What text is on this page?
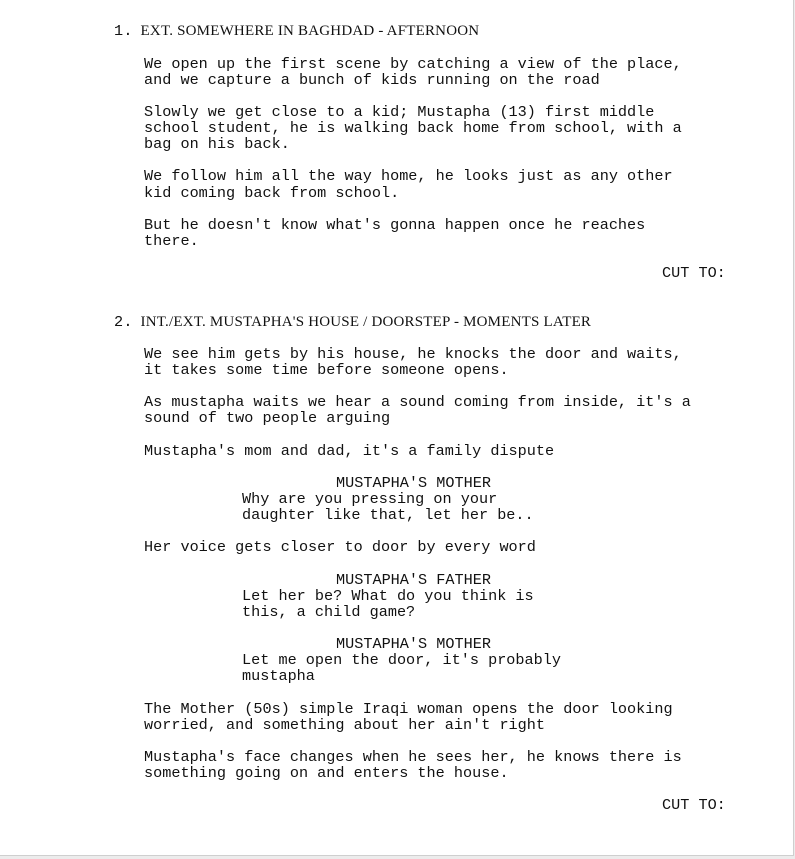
1. EXT. SOMEWHERE IN BAGHDAD - AFTERNOON
We open up the first scene by catching a view of the place,
and we capture a bunch of kids running on the road
Slowly we get close to a kid; Mustapha (13) first middle
school student, he is walking back home from school, with a
bag on his back.
We follow him all the way home, he looks just as any other
kid coming back from school.
But he doesn't know what's gonna happen once he reaches
there.
CUT TO:
2. INT./EXT. MUSTAPHA'S HOUSE / DOORSTEP - MOMENTS LATER
We see him gets by his house, he knocks the door and waits,
it takes some time before someone opens.
As mustapha waits we hear a sound coming from inside, it's a
sound of two people arguing
Mustapha's mom and dad, it's a family dispute
MUSTAPHA'S MOTHER
Why are you pressing on your
daughter like that, let her be..
Her voice gets closer to door by every word
MUSTAPHA'S FATHER
Let her be? What do you think is
this, a child game?
MUSTAPHA'S MOTHER
Let me open the door, it's probably
mustapha
The Mother (50s) simple Iraqi woman opens the door looking
worried, and something about her ain't right
Mustapha's face changes when he sees her, he knows there is
something going on and enters the house.
CUT TO:
